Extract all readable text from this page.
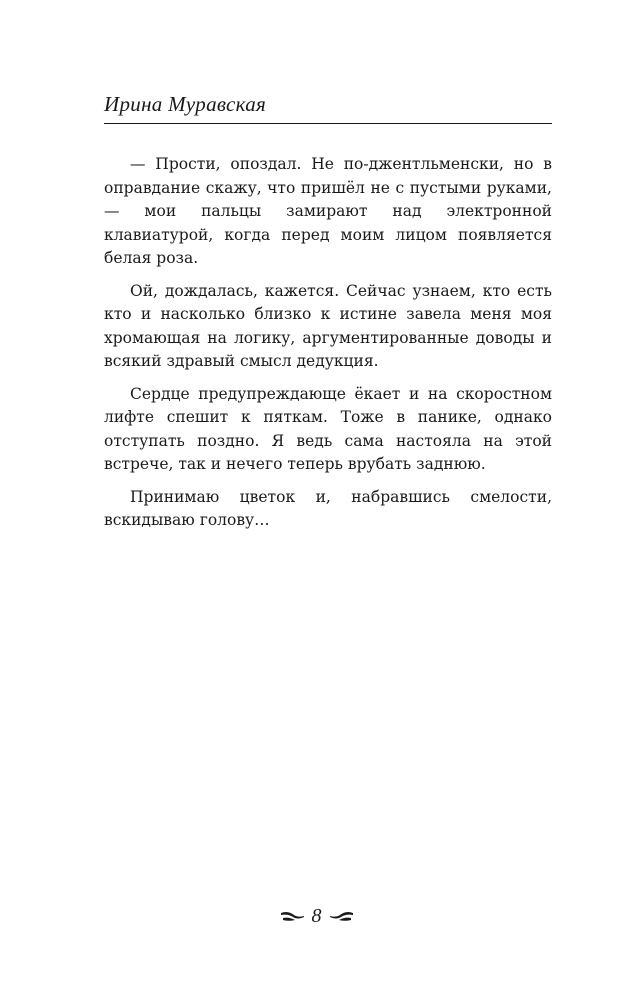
Ирина Муравская

— Прости, опоздал. Не по-джентльменски, но в оправдание скажу, что пришёл не с пустыми руками, — мои пальцы замирают над электронной клавиатурой, когда перед моим лицом появляется белая роза.

Ой, дождалась, кажется. Сейчас узнаем, кто есть кто и насколько близко к истине завела меня моя хромающая на логику, аргументированные доводы и всякий здравый смысл дедукция.

Сердце предупреждающе ёкает и на скоростном лифте спешит к пяткам. Тоже в панике, однако отступать поздно. Я ведь сама настояла на этой встрече, так и нечего теперь врубать заднюю.

Принимаю цветок и, набравшись смелости, вскидываю голову…

8
